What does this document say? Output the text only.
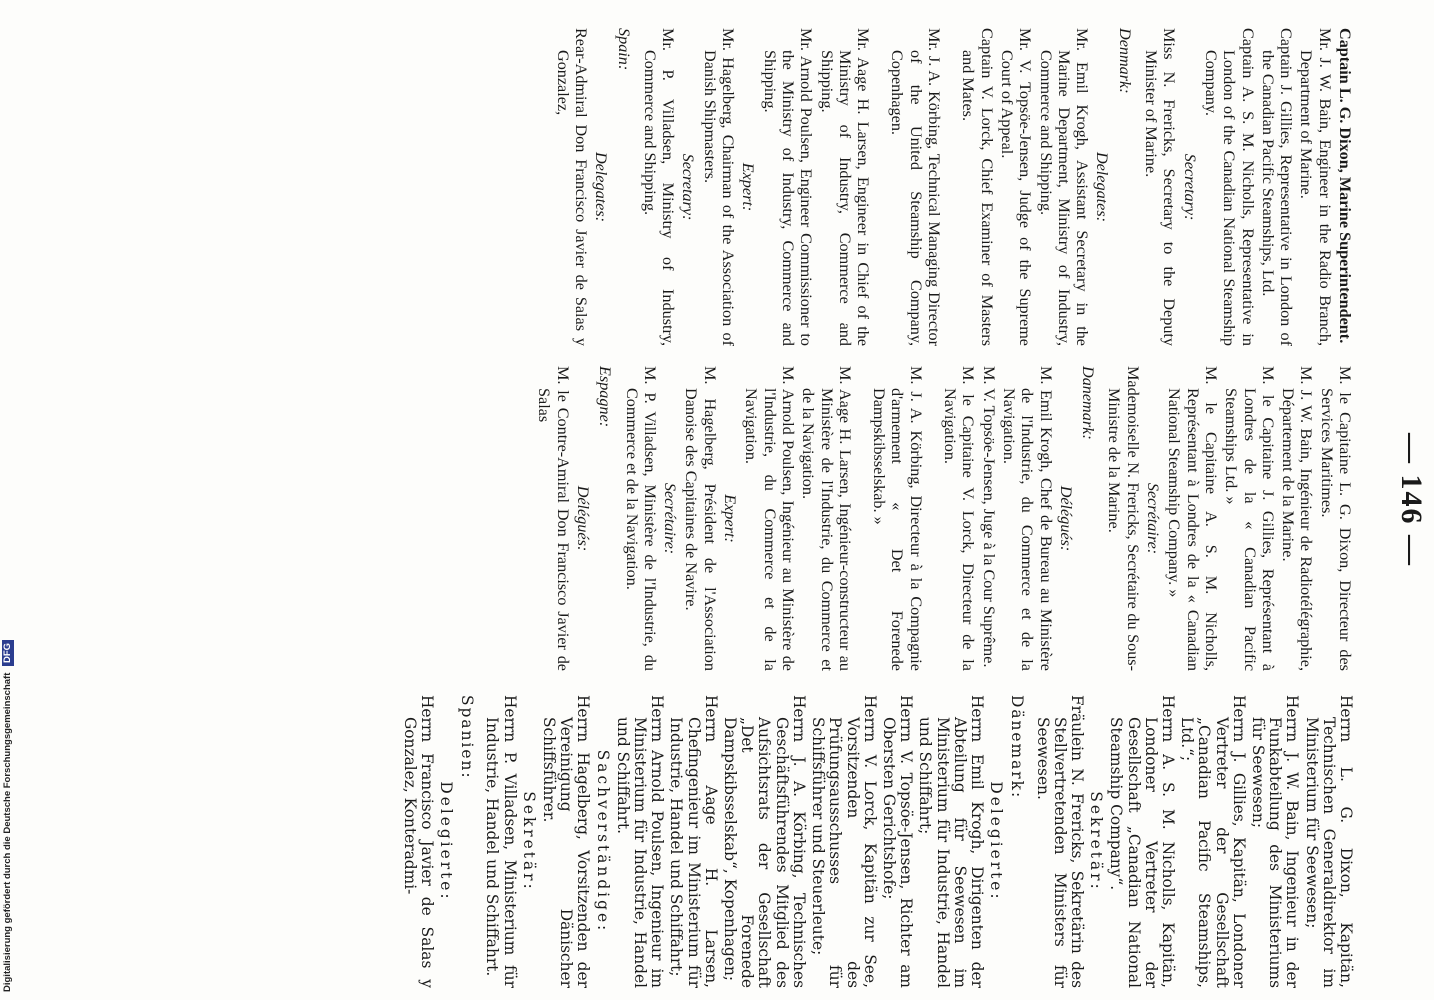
— 146 —
Captain L. G. Dixon, Marine Superintendent.
Mr. J. W. Bain, Engineer in the Radio Branch, Department of Marine.
Captain J. Gillies, Representative in London of the Canadian Pacific Steamships, Ltd.
Captain A. S. M. Nicholls, Representative in London of the Canadian National Steamship Company.
Secretary:
Miss N. Frericks, Secretary to the Deputy Minister of Marine.
Denmark:
Delegates:
Mr. Emil Krogh, Assistant Secretary in the Marine Department, Ministry of Industry, Commerce and Shipping.
Mr. V. Topsöe-Jensen, Judge of the Supreme Court of Appeal.
Captain V. Lorck, Chief Examiner of Masters and Mates.
Mr. J. A. Körbing, Technical Managing Director of the United Steamship Company, Copenhagen.
Mr. Aage H. Larsen, Engineer in Chief of the Ministry of Industry, Commerce and Shipping.
Mr. Arnold Poulsen, Engineer Commissioner to the Ministry of Industry, Commerce and Shipping.
Expert:
Mr. Hagelberg, Chairman of the Association of Danish Shipmasters.
Secretary:
Mr. P. Villadsen, Ministry of Industry, Commerce and Shipping.
Spain:
Delegates:
Rear-Admiral Don Francisco Javier de Salas y Gonzalez,
M. le Capitaine L. G. Dixon, Directeur des Services Maritimes.
M. J. W. Bain, Ingénieur de Radiotélégraphie, Département de la Marine.
M. le Capitaine J. Gillies, Représentant à Londres de la « Canadian Pacific Steamships Ltd. »
M. le Capitaine A. S. M. Nicholls, Représentant à Londres de la « Canadian National Steamship Company. »
Secrétaire:
Mademoiselle N. Frericks, Secrétaire du Sous-Ministre de la Marine.
Danemark:
Délégués:
M. Emil Krogh, Chef de Bureau au Ministère de l'Industrie, du Commerce et de la Navigation.
M. V. Topsöe-Jensen, Juge à la Cour Suprême.
M. le Capitaine V. Lorck, Directeur de la Navigation.
M. J. A. Körbing, Directeur à la Compagnie d'armement « Det Forenede Dampskibsselskab. »
M. Aage H. Larsen, Ingénieur-constructeur au Ministère de l'Industrie, du Commerce et de la Navigation.
M. Arnold Poulsen, Ingénieur au Ministère de l'Industrie, du Commerce et de la Navigation.
Expert:
M. Hagelberg, Président de l'Association Danoise des Capitaines de Navire.
Secrétaire:
M. P. Villadsen, Ministère de l'Industrie, du Commerce et de la Navigation.
Espagne:
Délégués:
M. le Contre-Amiral Don Francisco Javier de Salas
Herrn L. G. Dixon, Kapitän, Technischen Generaldirektor im Ministerium für Seewesen;
Herrn J. W. Bain, Ingenieur in der Funkabteilung des Ministeriums für Seewesen;
Herrn J. Gillies, Kapitän, Londoner Vertreter der Gesellschaft „Canadian Pacific Steamships, Ltd.“;
Herrn A. S. M. Nicholls, Kapitän, Londoner Vertreter der Gesellschaft „Canadian National Steamship Company“.
Sekretär:
Fräulein N. Frericks, Sekretärin des Stellvertretenden Ministers für Seewesen.
Dänemark:
Delegierte:
Herrn Emil Krogh, Dirigenten der Abteilung für Seewesen im Ministerium für Industrie, Handel und Schiffahrt;
Herrn V. Topsöe-Jensen, Richter am Obersten Gerichtshofe;
Herrn V. Lorck, Kapitän zur See, Vorsitzenden des Prüfungsausschusses für Schiffsführer und Steuerleute;
Herrn J. A. Körbing, Technisches Geschäftsführendes Mitglied des Aufsichtsrats der Gesellschaft „Det Forenede Dampskibsselskab“, Kopenhagen;
Herrn Aage H. Larsen, Chefingenieur im Ministerium für Industrie, Handel und Schiffahrt;
Herrn Arnold Poulsen, Ingenieur im Ministerium für Industrie, Handel und Schiffahrt.
Sachverständige:
Herrn Hagelberg, Vorsitzenden der Vereinigung Dänischer Schiffsführer.
Sekretär:
Herrn P. Villadsen, Ministerium für Industrie, Handel und Schiffahrt.
Spanien:
Delegierte:
Herrn Francisco Javier de Salas y Gonzalez, Konteradmi-
Digitalisierung gefördert durch die Deutsche Forschungsgemeinschaft DFG
